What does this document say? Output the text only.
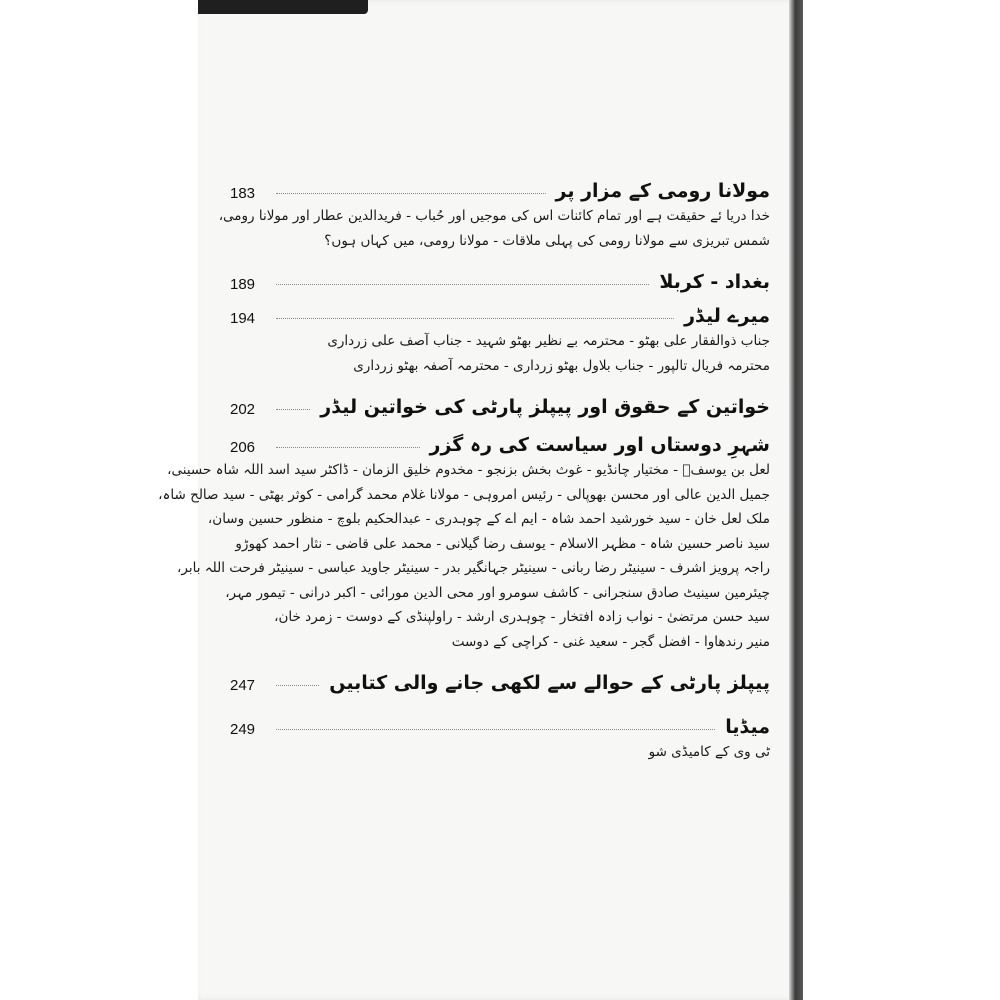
مولانا رومی کے مزار پر
183
خدا دریا ئے حقیقت ہے اور تمام کائنات اس کی موجیں اور حُباب - فریدالدین عطار اور مولانا رومی،
شمس تبریزی سے مولانا رومی کی پہلی ملاقات - مولانا رومی، میں کہاں ہوں؟
بغداد - کربلا
189
میرے لیڈر
194
جناب ذوالفقار علی بھٹو - محترمہ بے نظیر بھٹو شہید - جناب آصف علی زرداری
محترمہ فریال تالپور - جناب بلاول بھٹو زرداری - محترمہ آصفہ بھٹو زرداری
خواتین کے حقوق اور پیپلز پارٹی کی خواتین لیڈر
202
شہرِ دوستاں اور سیاست کی رہ گزر
206
لعل بن یوسفؒ - مختیار چانڈیو - غوث بخش بزنجو - مخدوم خلیق الزمان - ڈاکٹر سید اسد اللہ شاہ حسینی،
جمیل الدین عالی اور محسن بھوپالی - رئیس امروہی - مولانا غلام محمد گرامی - کوثر بھٹی - سید صالح شاہ،
ملک لعل خان - سید خورشید احمد شاہ - ایم اے کے چوہدری - عبدالحکیم بلوچ - منظور حسین وسان،
سید ناصر حسین شاہ - مظہر الاسلام - یوسف رضا گیلانی - محمد علی قاضی - نثار احمد کھوڑو
راجہ پرویز اشرف - سینیٹر رضا ربانی - سینیٹر جہانگیر بدر - سینیٹر جاوید عباسی - سینیٹر فرحت اللہ بابر،
چیئرمین سینیٹ صادق سنجرانی - کاشف سومرو اور محی الدین مورائی - اکبر درانی - تیمور مہر،
سید حسن مرتضیٰ - نواب زادہ افتخار - چوہدری ارشد - راولپنڈی کے دوست - زمرد خان،
منیر رندھاوا - افضل گجر - سعید غنی - کراچی کے دوست
پیپلز پارٹی کے حوالے سے لکھی جانے والی کتابیں
247
میڈیا
249
ٹی وی کے کامیڈی شو
